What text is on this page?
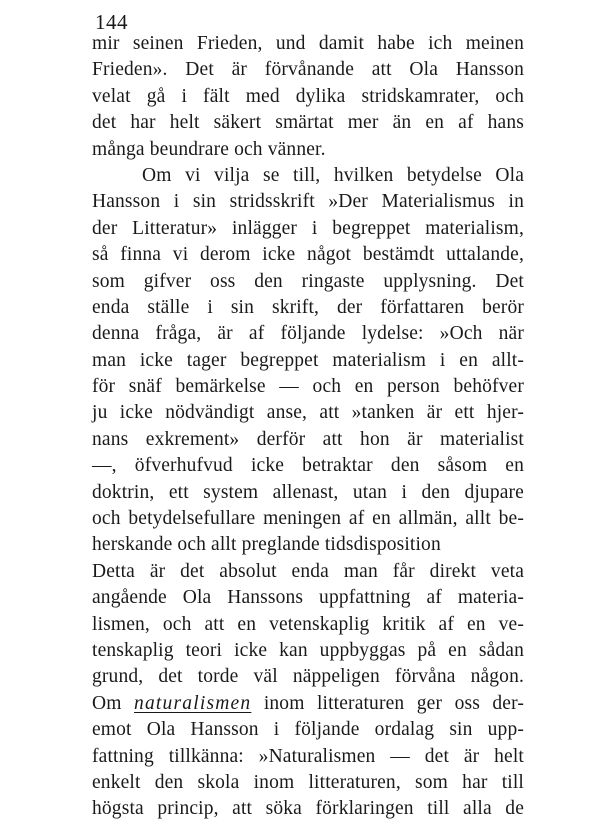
144
mir seinen Frieden, und damit habe ich meinen
Frieden». Det är förvånande att Ola Hansson
velat gå i fält med dylika stridskamrater, och
det har helt säkert smärtat mer än en af hans
många beundrare och vänner.
Om vi vilja se till, hvilken betydelse Ola
Hansson i sin stridsskrift »Der Materialismus in
der Litteratur» inlägger i begreppet materialism,
så finna vi derom icke något bestämdt uttalande,
som gifver oss den ringaste upplysning. Det
enda ställe i sin skrift, der författaren berör
denna fråga, är af följande lydelse: »Och när
man icke tager begreppet materialism i en allt-
för snäf bemärkelse — och en person behöfver
ju icke nödvändigt anse, att »tanken är ett hjer-
nans exkrement» derför att hon är materialist
—, öfverhufvud icke betraktar den såsom en
doktrin, ett system allenast, utan i den djupare
och betydelsefullare meningen af en allmän, allt be-
herskande och allt preglande tidsdisposition
Detta är det absolut enda man får direkt veta
angående Ola Hanssons uppfattning af materia-
lismen, och att en vetenskaplig kritik af en ve-
tenskaplig teori icke kan uppbyggas på en sådan
grund, det torde väl näppeligen förvåna någon.
Om naturalismen inom litteraturen ger oss der-
emot Ola Hansson i följande ordalag sin upp-
fattning tillkänna: »Naturalismen — det är helt
enkelt den skola inom litteraturen, som har till
högsta princip, att söka förklaringen till alla de
